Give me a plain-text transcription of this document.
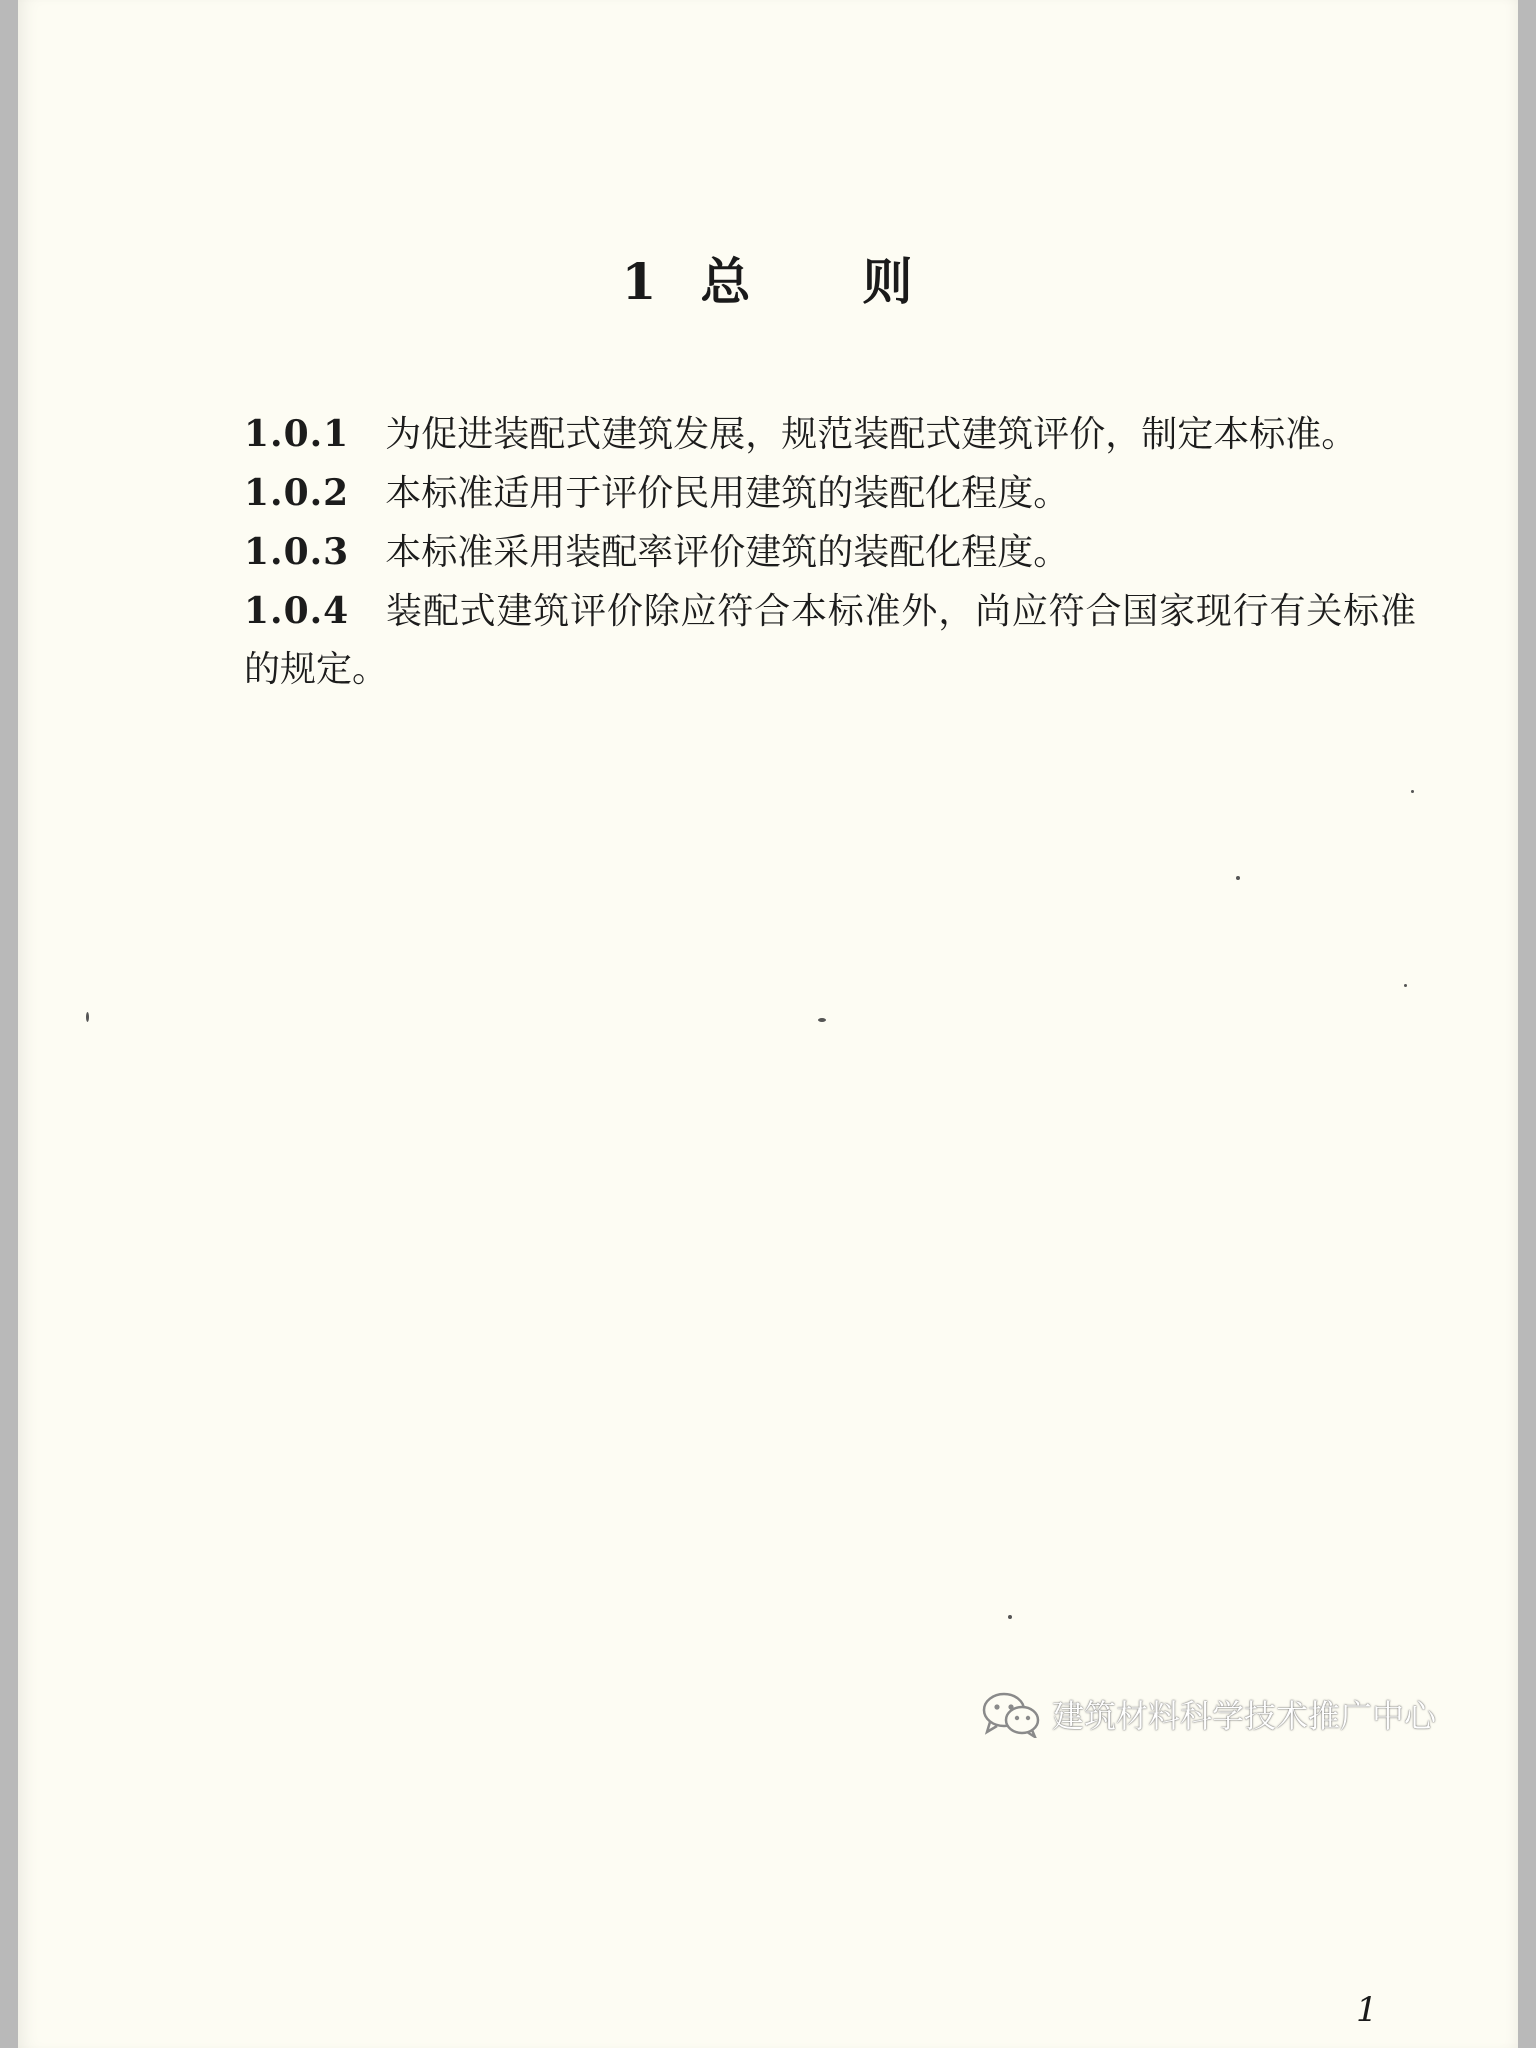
1 总 则

1.0.1 为促进装配式建筑发展，规范装配式建筑评价，制定本标准。

1.0.2 本标准适用于评价民用建筑的装配化程度。

1.0.3 本标准采用装配率评价建筑的装配化程度。

1.0.4 装配式建筑评价除应符合本标准外，尚应符合国家现行有关标准的规定。

建筑材料科学技术推广中心
1
